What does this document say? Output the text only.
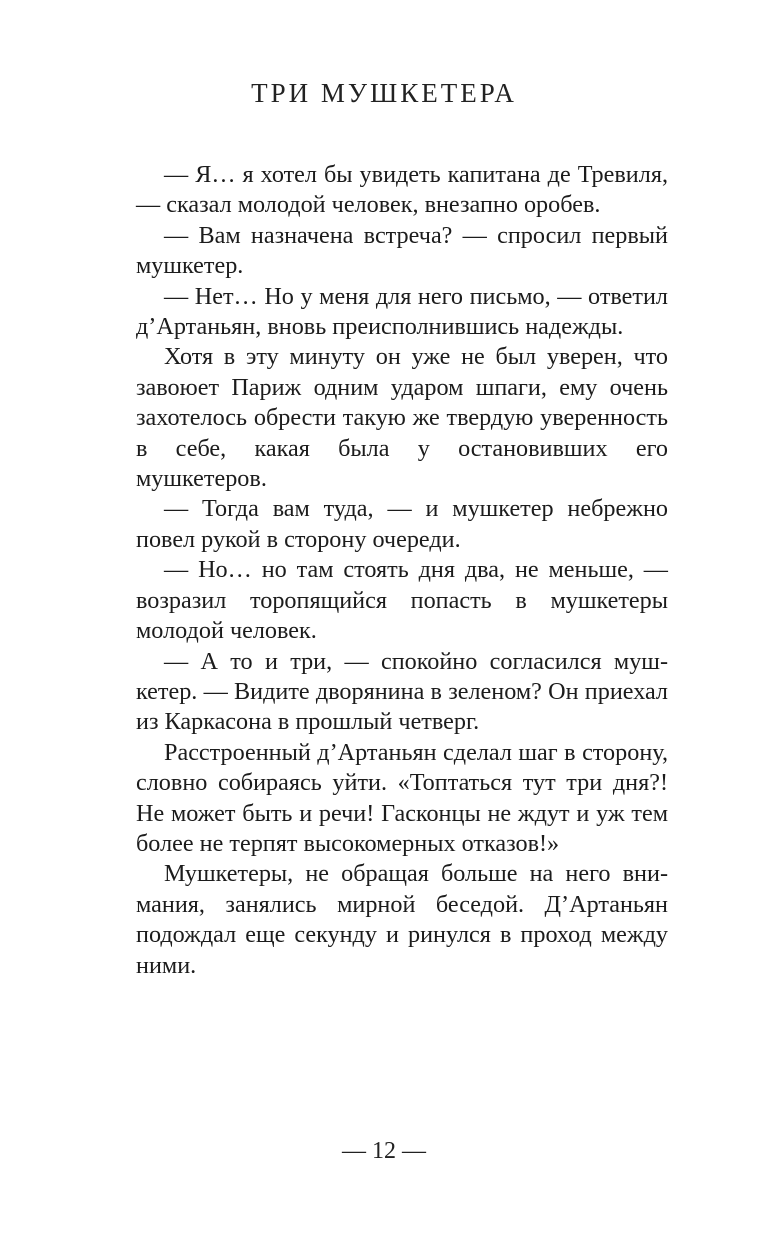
ТРИ МУШКЕТЕРА

— Я… я хотел бы увидеть капитана де Тревиля, — сказал молодой человек, внезапно оробев.

— Вам назначена встреча? — спросил первый мушкетер.

— Нет… Но у меня для него письмо, — ответил д’Артаньян, вновь преисполнившись надежды.

Хотя в эту минуту он уже не был уверен, что завоюет Париж одним ударом шпаги, ему очень захотелось обрести такую же твердую уверенность в себе, какая была у остановивших его мушкетеров.

— Тогда вам туда, — и мушкетер небрежно повел рукой в сторону очереди.

— Но… но там стоять дня два, не меньше, — возразил торопящийся попасть в мушкетеры молодой человек.

— А то и три, — спокойно согласился мушкетер. — Видите дворянина в зеленом? Он приехал из Каркасона в прошлый четверг.

Расстроенный д’Артаньян сделал шаг в сторону, словно собираясь уйти. «Топтаться тут три дня?! Не может быть и речи! Гасконцы не ждут и уж тем более не терпят высокомерных отказов!»

Мушкетеры, не обращая больше на него внимания, занялись мирной беседой. Д’Артаньян подождал еще секунду и ринулся в проход между ними.

— 12 —
